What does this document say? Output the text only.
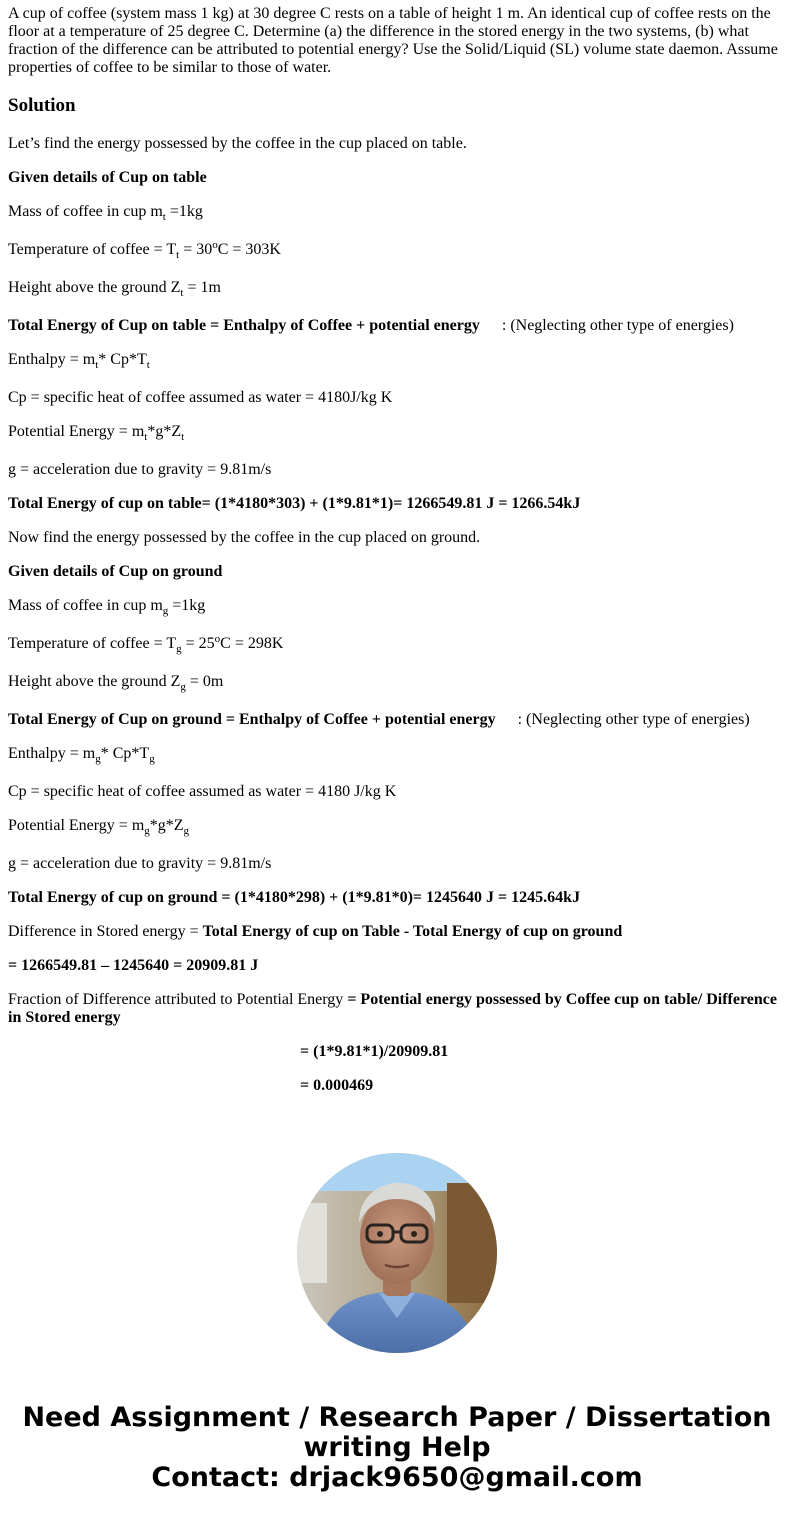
A cup of coffee (system mass 1 kg) at 30 degree C rests on a table of height 1 m. An identical cup of coffee rests on the floor at a temperature of 25 degree C. Determine (a) the difference in the stored energy in the two systems, (b) what fraction of the difference can be attributed to potential energy? Use the Solid/Liquid (SL) volume state daemon. Assume properties of coffee to be similar to those of water.

Solution

Let’s find the energy possessed by the coffee in the cup placed on table.

Given details of Cup on table

Mass of coffee in cup $m_t =1kg$

Temperature of coffee = $T_t = 30^oC = 303K$

Height above the ground $Z_t = 1m$

Total Energy of Cup on table = Enthalpy of Coffee + potential energy : (Neglecting other type of energies)

Enthalpy = $m_t*$ $Cp*T_t$

Cp = specific heat of coffee assumed as water = 4180J/kg K

Potential Energy = $m_t*g*Z_t$

g = acceleration due to gravity = 9.81m/s

Total Energy of cup on table= (1*4180*303) + (1*9.81*1)= 1266549.81 J = 1266.54kJ

Now find the energy possessed by the coffee in the cup placed on ground.

Given details of Cup on ground

Mass of coffee in cup $m_g =1kg$

Temperature of coffee = $T_g = 25^oC = 298K$

Height above the ground $Z_g = 0m$

Total Energy of Cup on ground = Enthalpy of Coffee + potential energy : (Neglecting other type of energies)

Enthalpy = $m_g*$ $Cp*T_g$

Cp = specific heat of coffee assumed as water = 4180 J/kg K

Potential Energy = $m_g*g*Z_g$

g = acceleration due to gravity = 9.81m/s

Total Energy of cup on ground = (1*4180*298) + (1*9.81*0)= 1245640 J = 1245.64kJ

Difference in Stored energy = Total Energy of cup on Table - Total Energy of cup on ground

= 1266549.81 – 1245640 = 20909.81 J

Fraction of Difference attributed to Potential Energy = Potential energy possessed by Coffee cup on table/ Difference in Stored energy

= (1*9.81*1)/20909.81

= 0.000469

Need Assignment / Research Paper / Dissertation
writing Help
Contact: drjack9650@gmail.com
